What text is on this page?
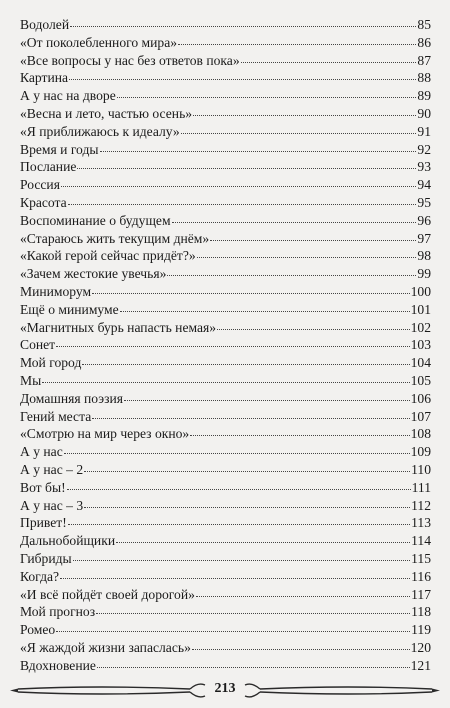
Водолей	85
«От поколебленного мира»	86
«Все вопросы у нас без ответов пока»	87
Картина	88
А у нас на дворе	89
«Весна и лето, частью осень»	90
«Я приближаюсь к идеалу»	91
Время и годы	92
Послание	93
Россия	94
Красота	95
Воспоминание о будущем	96
«Стараюсь жить текущим днём»	97
«Какой герой сейчас придёт?»	98
«Зачем жестокие увечья»	99
Миниморум	100
Ещё о минимуме	101
«Магнитных бурь напасть немая»	102
Сонет	103
Мой город	104
Мы	105
Домашняя поэзия	106
Гений места	107
«Смотрю на мир через окно»	108
А у нас	109
А у нас – 2	110
Вот бы!	111
А у нас – 3	112
Привет!	113
Дальнобойщики	114
Гибриды	115
Когда?	116
«И всё пойдёт своей дорогой»	117
Мой прогноз	118
Ромео	119
«Я жаждой жизни запаслась»	120
Вдохновение	121
213
